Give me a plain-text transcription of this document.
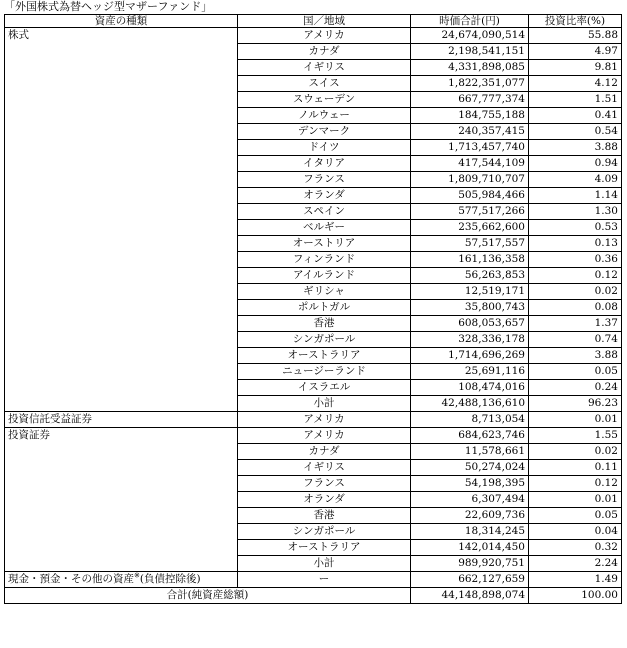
「外国株式為替ヘッジ型マザーファンド」
資産の種類	国／地域	時価合計(円)	投資比率(%)
株式	アメリカ	24,674,090,514	55.88
	カナダ	2,198,541,151	4.97
	イギリス	4,331,898,085	9.81
	スイス	1,822,351,077	4.12
	スウェーデン	667,777,374	1.51
	ノルウェー	184,755,188	0.41
	デンマーク	240,357,415	0.54
	ドイツ	1,713,457,740	3.88
	イタリア	417,544,109	0.94
	フランス	1,809,710,707	4.09
	オランダ	505,984,466	1.14
	スペイン	577,517,266	1.30
	ベルギー	235,662,600	0.53
	オーストリア	57,517,557	0.13
	フィンランド	161,136,358	0.36
	アイルランド	56,263,853	0.12
	ギリシャ	12,519,171	0.02
	ポルトガル	35,800,743	0.08
	香港	608,053,657	1.37
	シンガポール	328,336,178	0.74
	オーストラリア	1,714,696,269	3.88
	ニュージーランド	25,691,116	0.05
	イスラエル	108,474,016	0.24
	小計	42,488,136,610	96.23
投資信託受益証券	アメリカ	8,713,054	0.01
投資証券	アメリカ	684,623,746	1.55
	カナダ	11,578,661	0.02
	イギリス	50,274,024	0.11
	フランス	54,198,395	0.12
	オランダ	6,307,494	0.01
	香港	22,609,736	0.05
	シンガポール	18,314,245	0.04
	オーストラリア	142,014,450	0.32
	小計	989,920,751	2.24
現金・預金・その他の資産※(負債控除後)	ー	662,127,659	1.49
合計(純資産総額)		44,148,898,074	100.00
